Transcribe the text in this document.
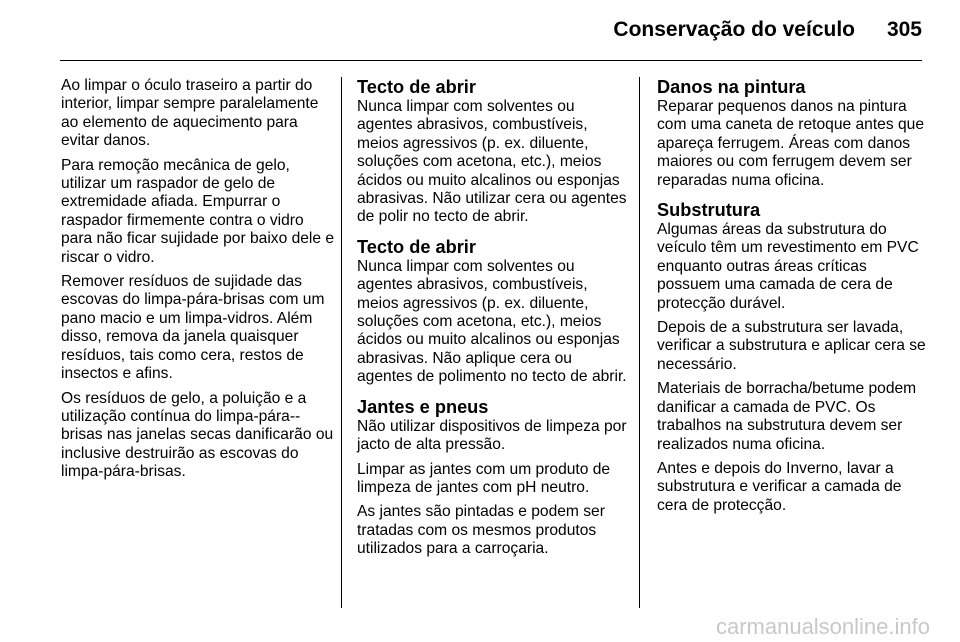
Conservação do veículo 305

Ao limpar o óculo traseiro a partir do interior, limpar sempre paralelamente ao elemento de aquecimento para evitar danos.

Para remoção mecânica de gelo, utilizar um raspador de gelo de extremidade afiada. Empurrar o raspador firmemente contra o vidro para não ficar sujidade por baixo dele e riscar o vidro.

Remover resíduos de sujidade das escovas do limpa-pára-brisas com um pano macio e um limpa-vidros. Além disso, remova da janela quaisquer resíduos, tais como cera, restos de insectos e afins.

Os resíduos de gelo, a poluição e a utilização contínua do limpa-pára--brisas nas janelas secas danificarão ou inclusive destruirão as escovas do limpa-pára-brisas.

Tecto de abrir

Nunca limpar com solventes ou agentes abrasivos, combustíveis, meios agressivos (p. ex. diluente, soluções com acetona, etc.), meios ácidos ou muito alcalinos ou esponjas abrasivas. Não utilizar cera ou agentes de polir no tecto de abrir.

Tecto de abrir

Nunca limpar com solventes ou agentes abrasivos, combustíveis, meios agressivos (p. ex. diluente, soluções com acetona, etc.), meios ácidos ou muito alcalinos ou esponjas abrasivas. Não aplique cera ou agentes de polimento no tecto de abrir.

Jantes e pneus

Não utilizar dispositivos de limpeza por jacto de alta pressão.

Limpar as jantes com um produto de limpeza de jantes com pH neutro.

As jantes são pintadas e podem ser tratadas com os mesmos produtos utilizados para a carroçaria.

Danos na pintura

Reparar pequenos danos na pintura com uma caneta de retoque antes que apareça ferrugem. Áreas com danos maiores ou com ferrugem devem ser reparadas numa oficina.

Substrutura

Algumas áreas da substrutura do veículo têm um revestimento em PVC enquanto outras áreas críticas possuem uma camada de cera de protecção durável.

Depois de a substrutura ser lavada, verificar a substrutura e aplicar cera se necessário.

Materiais de borracha/betume podem danificar a camada de PVC. Os trabalhos na substrutura devem ser realizados numa oficina.

Antes e depois do Inverno, lavar a substrutura e verificar a camada de cera de protecção.

carmanualsonline.info
